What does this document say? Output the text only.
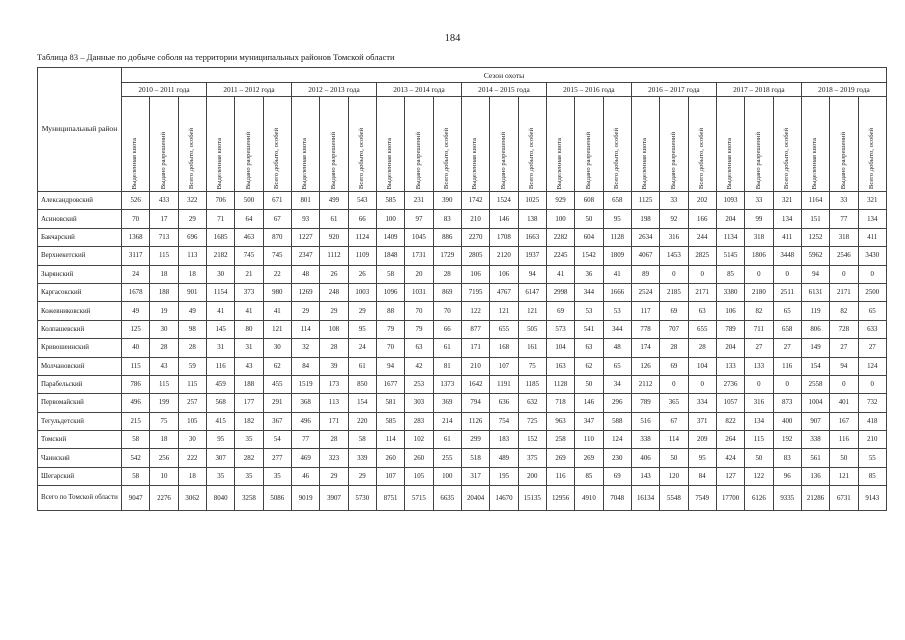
184
Таблица 83 – Данные по добыче соболя на территории муниципальных районов Томской области
Муниципальный район	Сезон охоты																										
	2010 – 2011 года			2011 – 2012 года			2012 – 2013 года			2013 – 2014 года			2014 – 2015 года			2015 – 2016 года			2016 – 2017 года			2017 – 2018 года			2018 – 2019 года		
	Выделенная квота	Выдано разрешений	Всего добыто, особей	Выделенная квота	Выдано разрешений	Всего добыто, особей	Выделенная квота	Выдано разрешений	Всего добыто, особей	Выделенная квота	Выдано разрешений	Всего добыто, особей	Выделенная квота	Выдано разрешений	Всего добыто, особей	Выделенная квота	Выдано разрешений	Всего добыто, особей	Выделенная квота	Выдано разрешений	Всего добыто, особей	Выделенная квота	Выдано разрешений	Всего добыто, особей	Выделенная квота	Выдано разрешений	Всего добыто, особей
Александровский	526	433	322	706	500	671	801	499	543	585	231	390	1742	1524	1025	929	608	658	1125	33	202	1093	33	321	1164	33	321
Асиновский	70	17	29	71	64	67	93	61	66	100	97	83	210	146	138	100	50	95	198	92	166	204	99	134	151	77	134
Бакчарский	1368	713	696	1685	463	870	1227	920	1124	1409	1045	886	2270	1708	1663	2282	604	1128	2634	316	244	1134	318	411	1252	318	411
Верхнекетский	3117	115	113	2182	745	745	2347	1112	1109	1848	1731	1729	2805	2120	1937	2245	1542	1809	4067	1453	2825	5145	1806	3448	5962	2546	3430
Зырянский	24	18	18	30	21	22	48	26	26	58	20	28	106	106	94	41	36	41	89	0	0	85	0	0	94	0	0
Каргасокский	1678	188	901	1154	373	980	1269	248	1003	1096	1031	869	7195	4767	6147	2998	344	1666	2524	2185	2171	3380	2180	2511	6131	2171	2500
Кожевниковский	49	19	49	41	41	41	29	29	29	88	70	70	122	121	121	69	53	53	117	69	63	106	82	65	119	82	65
Колпашевский	125	30	98	145	80	121	114	108	95	79	79	66	877	655	505	573	541	344	778	707	655	789	711	658	806	728	633
Кривошеинский	40	28	28	31	31	30	32	28	24	70	63	61	171	168	161	104	63	48	174	28	28	204	27	27	149	27	27
Молчановский	115	43	59	116	43	62	84	39	61	94	42	81	210	107	75	163	62	65	126	69	104	133	133	116	154	94	124
Парабельский	786	115	115	459	188	455	1519	173	850	1677	253	1373	1642	1191	1185	1128	50	34	2112	0	0	2736	0	0	2558	0	0
Первомайский	496	199	257	568	177	291	368	113	154	581	303	369	794	636	632	718	146	296	789	365	334	1057	316	873	1004	401	732
Тегульдетский	215	75	105	415	182	367	496	171	220	585	283	214	1126	754	725	963	347	588	516	67	371	822	134	400	907	167	418
Томский	58	18	30	95	35	54	77	28	58	114	102	61	299	183	152	258	110	124	338	114	209	264	115	192	338	116	210
Чаинский	542	256	222	307	282	277	469	323	339	260	260	255	518	489	375	269	269	230	406	50	95	424	50	83	561	50	55
Шегарский	58	10	18	35	35	35	46	29	29	107	105	100	317	195	200	116	85	69	143	120	84	127	122	96	136	121	85
Всего по Томской области	9047	2276	3062	8040	3258	5086	9019	3907	5730	8751	5715	6635	20404	14670	15135	12956	4910	7048	16134	5548	7549	17700	6126	9335	21286	6731	9143
